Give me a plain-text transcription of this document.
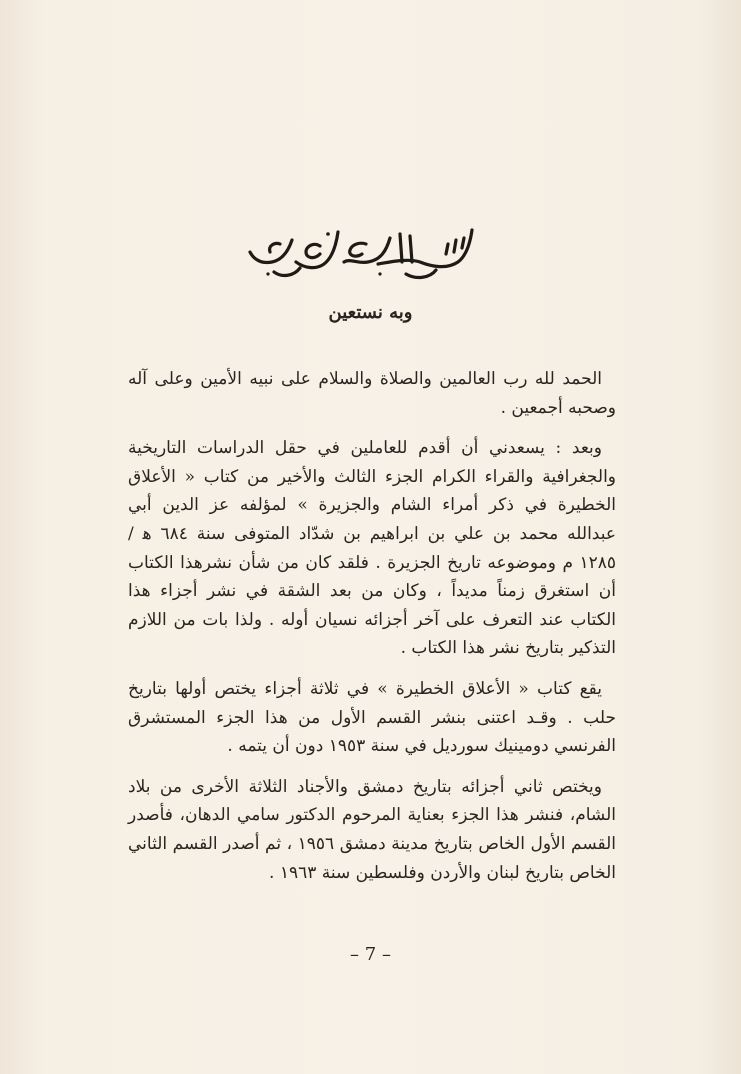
وبه نستعين

الحمد لله رب العالمين والصلاة والسلام على نبيه الأمين وعلى آله وصحبه أجمعين .

وبعد : يسعدني أن أقدم للعاملين في حقل الدراسات التاريخية والجغرافية والقراء الكرام الجزء الثالث والأخير من كتاب « الأعلاق الخطيرة في ذكر أمراء الشام والجزيرة » لمؤلفه عز الدين أبي عبدالله محمد بن علي بن ابراهيم بن شدّاد المتوفى سنة ٦٨٤ ﻫ / ١٢٨٥ م وموضوعه تاريخ الجزيرة . فلقد كان من شأن نشرهذا الكتاب أن استغرق زمناً مديداً ، وكان من بعد الشقة في نشر أجزاء هذا الكتاب عند التعرف على آخر أجزائه نسيان أوله . ولذا بات من اللازم التذكير بتاريخ نشر هذا الكتاب .

يقع كتاب « الأعلاق الخطيرة » في ثلاثة أجزاء يختص أولها بتاريخ حلب . وقـد اعتنى بنشر القسم الأول من هذا الجزء المستشرق الفرنسي دومينيك سورديل في سنة ١٩٥٣ دون أن يتمه .

ويختص ثاني أجزائه بتاريخ دمشق والأجناد الثلاثة الأخرى من بلاد الشام، فنشر هذا الجزء بعناية المرحوم الدكتور سامي الدهان، فأصدر القسم الأول الخاص بتاريخ مدينة دمشق ١٩٥٦ ، ثم أصدر القسم الثاني الخاص بتاريخ لبنان والأردن وفلسطين سنة ١٩٦٣ .

– 7 –
